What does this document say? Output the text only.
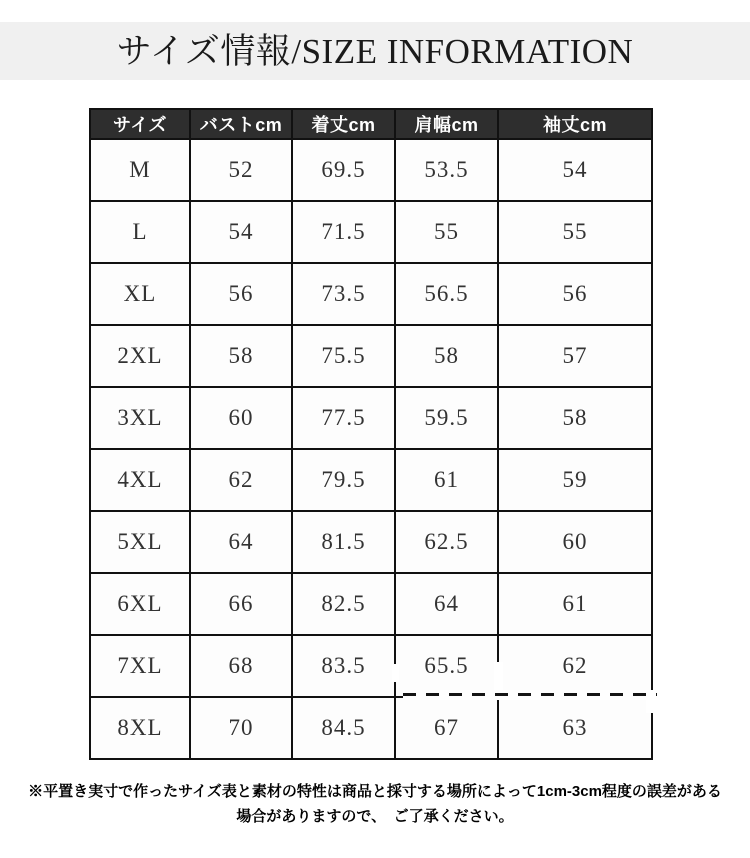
サイズ情報/SIZE INFORMATION
サイズ	バストcm	着丈cm	肩幅cm	袖丈cm
M	52	69.5	53.5	54
L	54	71.5	55	55
XL	56	73.5	56.5	56
2XL	58	75.5	58	57
3XL	60	77.5	59.5	58
4XL	62	79.5	61	59
5XL	64	81.5	62.5	60
6XL	66	82.5	64	61
7XL	68	83.5	65.5	62
8XL	70	84.5	67	63
※平置き実寸で作ったサイズ表と素材の特性は商品と採寸する場所によって1cm-3cm程度の誤差がある
場合がありますので、　ご了承ください。
